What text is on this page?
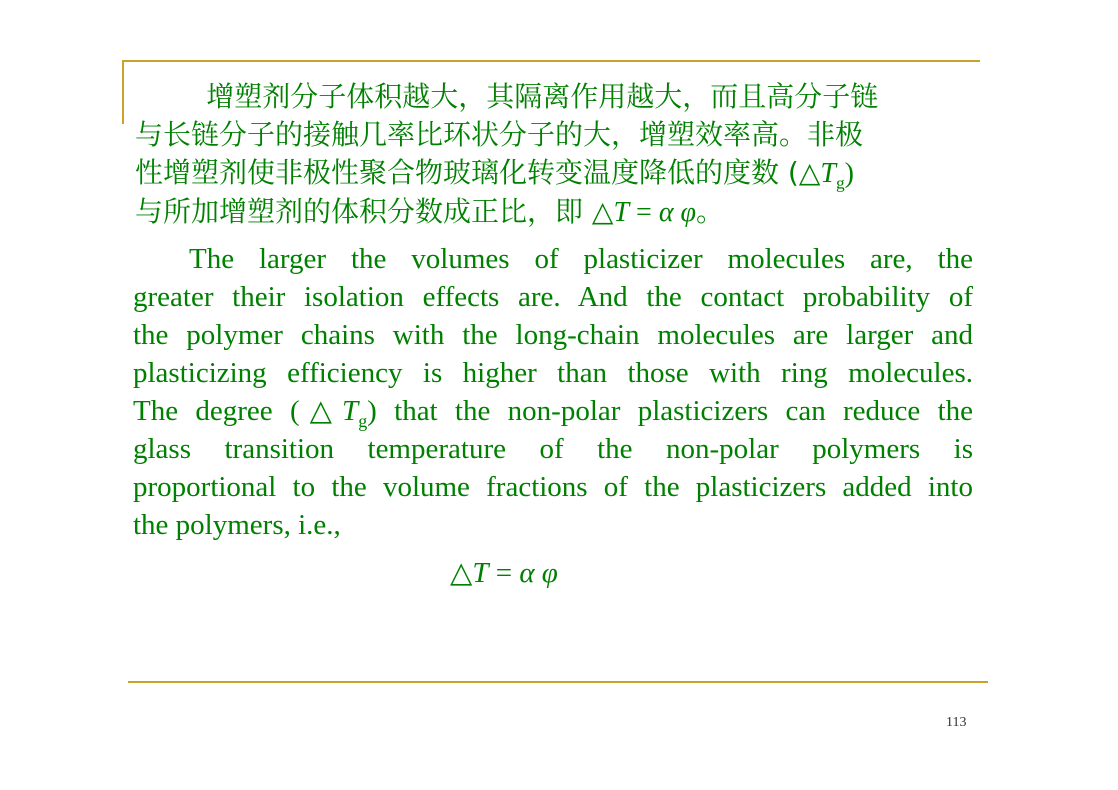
增塑剂分子体积越大，其隔离作用越大，而且高分子链
与长链分子的接触几率比环状分子的大，增塑效率高。非极
性增塑剂使非极性聚合物玻璃化转变温度降低的度数 $(\triangle T_g)$
与所加增塑剂的体积分数成正比，即 △T = α φ。
The larger the volumes of plasticizer molecules are, the
greater their isolation effects are. And the contact probability of
the polymer chains with the long-chain molecules are larger and
plasticizing efficiency is higher than those with ring molecules.
The degree $(\triangle T_g)$ that the non-polar plasticizers can reduce the
glass transition temperature of the non-polar polymers is
proportional to the volume fractions of the plasticizers added into
the polymers, i.e.,
△T = α φ
113
